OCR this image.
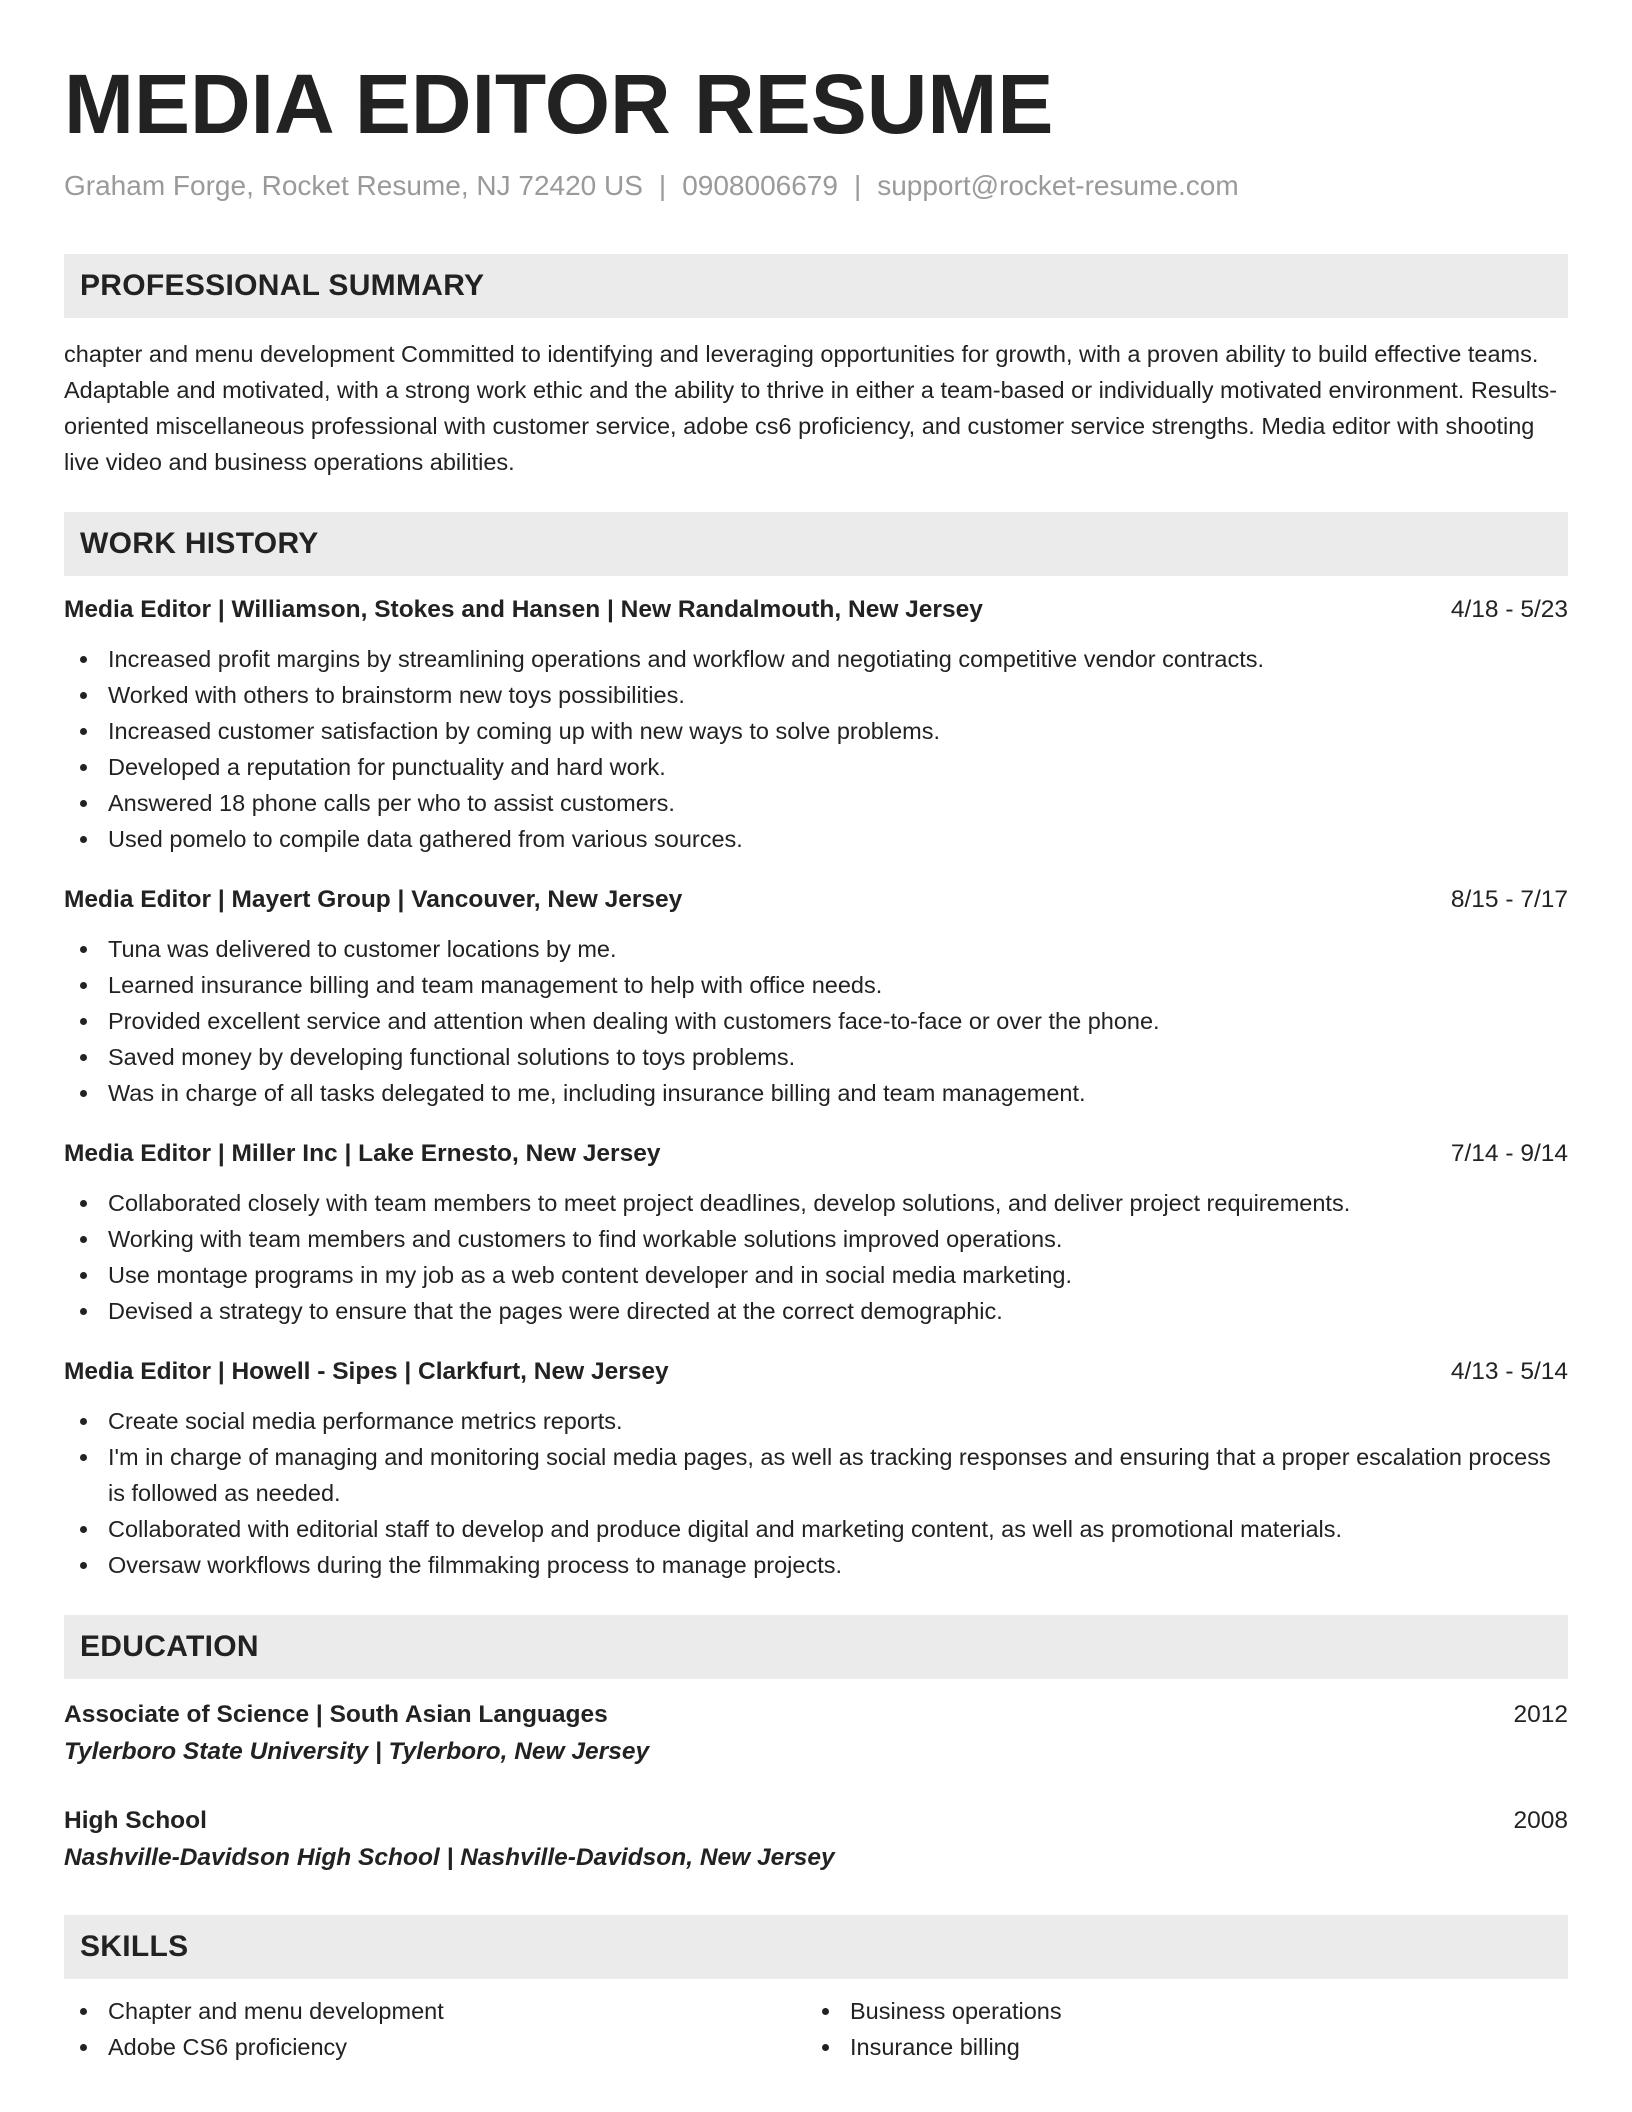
MEDIA EDITOR RESUME
Graham Forge, Rocket Resume, NJ 72420 US | 0908006679 | support@rocket-resume.com
PROFESSIONAL SUMMARY
chapter and menu development Committed to identifying and leveraging opportunities for growth, with a proven ability to build effective teams. Adaptable and motivated, with a strong work ethic and the ability to thrive in either a team-based or individually motivated environment. Results-oriented miscellaneous professional with customer service, adobe cs6 proficiency, and customer service strengths. Media editor with shooting live video and business operations abilities.
WORK HISTORY
Media Editor | Williamson, Stokes and Hansen | New Randalmouth, New Jersey	4/18 - 5/23
Increased profit margins by streamlining operations and workflow and negotiating competitive vendor contracts.
Worked with others to brainstorm new toys possibilities.
Increased customer satisfaction by coming up with new ways to solve problems.
Developed a reputation for punctuality and hard work.
Answered 18 phone calls per who to assist customers.
Used pomelo to compile data gathered from various sources.
Media Editor | Mayert Group | Vancouver, New Jersey	8/15 - 7/17
Tuna was delivered to customer locations by me.
Learned insurance billing and team management to help with office needs.
Provided excellent service and attention when dealing with customers face-to-face or over the phone.
Saved money by developing functional solutions to toys problems.
Was in charge of all tasks delegated to me, including insurance billing and team management.
Media Editor | Miller Inc | Lake Ernesto, New Jersey	7/14 - 9/14
Collaborated closely with team members to meet project deadlines, develop solutions, and deliver project requirements.
Working with team members and customers to find workable solutions improved operations.
Use montage programs in my job as a web content developer and in social media marketing.
Devised a strategy to ensure that the pages were directed at the correct demographic.
Media Editor | Howell - Sipes | Clarkfurt, New Jersey	4/13 - 5/14
Create social media performance metrics reports.
I'm in charge of managing and monitoring social media pages, as well as tracking responses and ensuring that a proper escalation process is followed as needed.
Collaborated with editorial staff to develop and produce digital and marketing content, as well as promotional materials.
Oversaw workflows during the filmmaking process to manage projects.
EDUCATION
Associate of Science | South Asian Languages	2012
Tylerboro State University | Tylerboro, New Jersey
High School	2008
Nashville-Davidson High School | Nashville-Davidson, New Jersey
SKILLS
Chapter and menu development
Adobe CS6 proficiency
Business operations
Insurance billing
